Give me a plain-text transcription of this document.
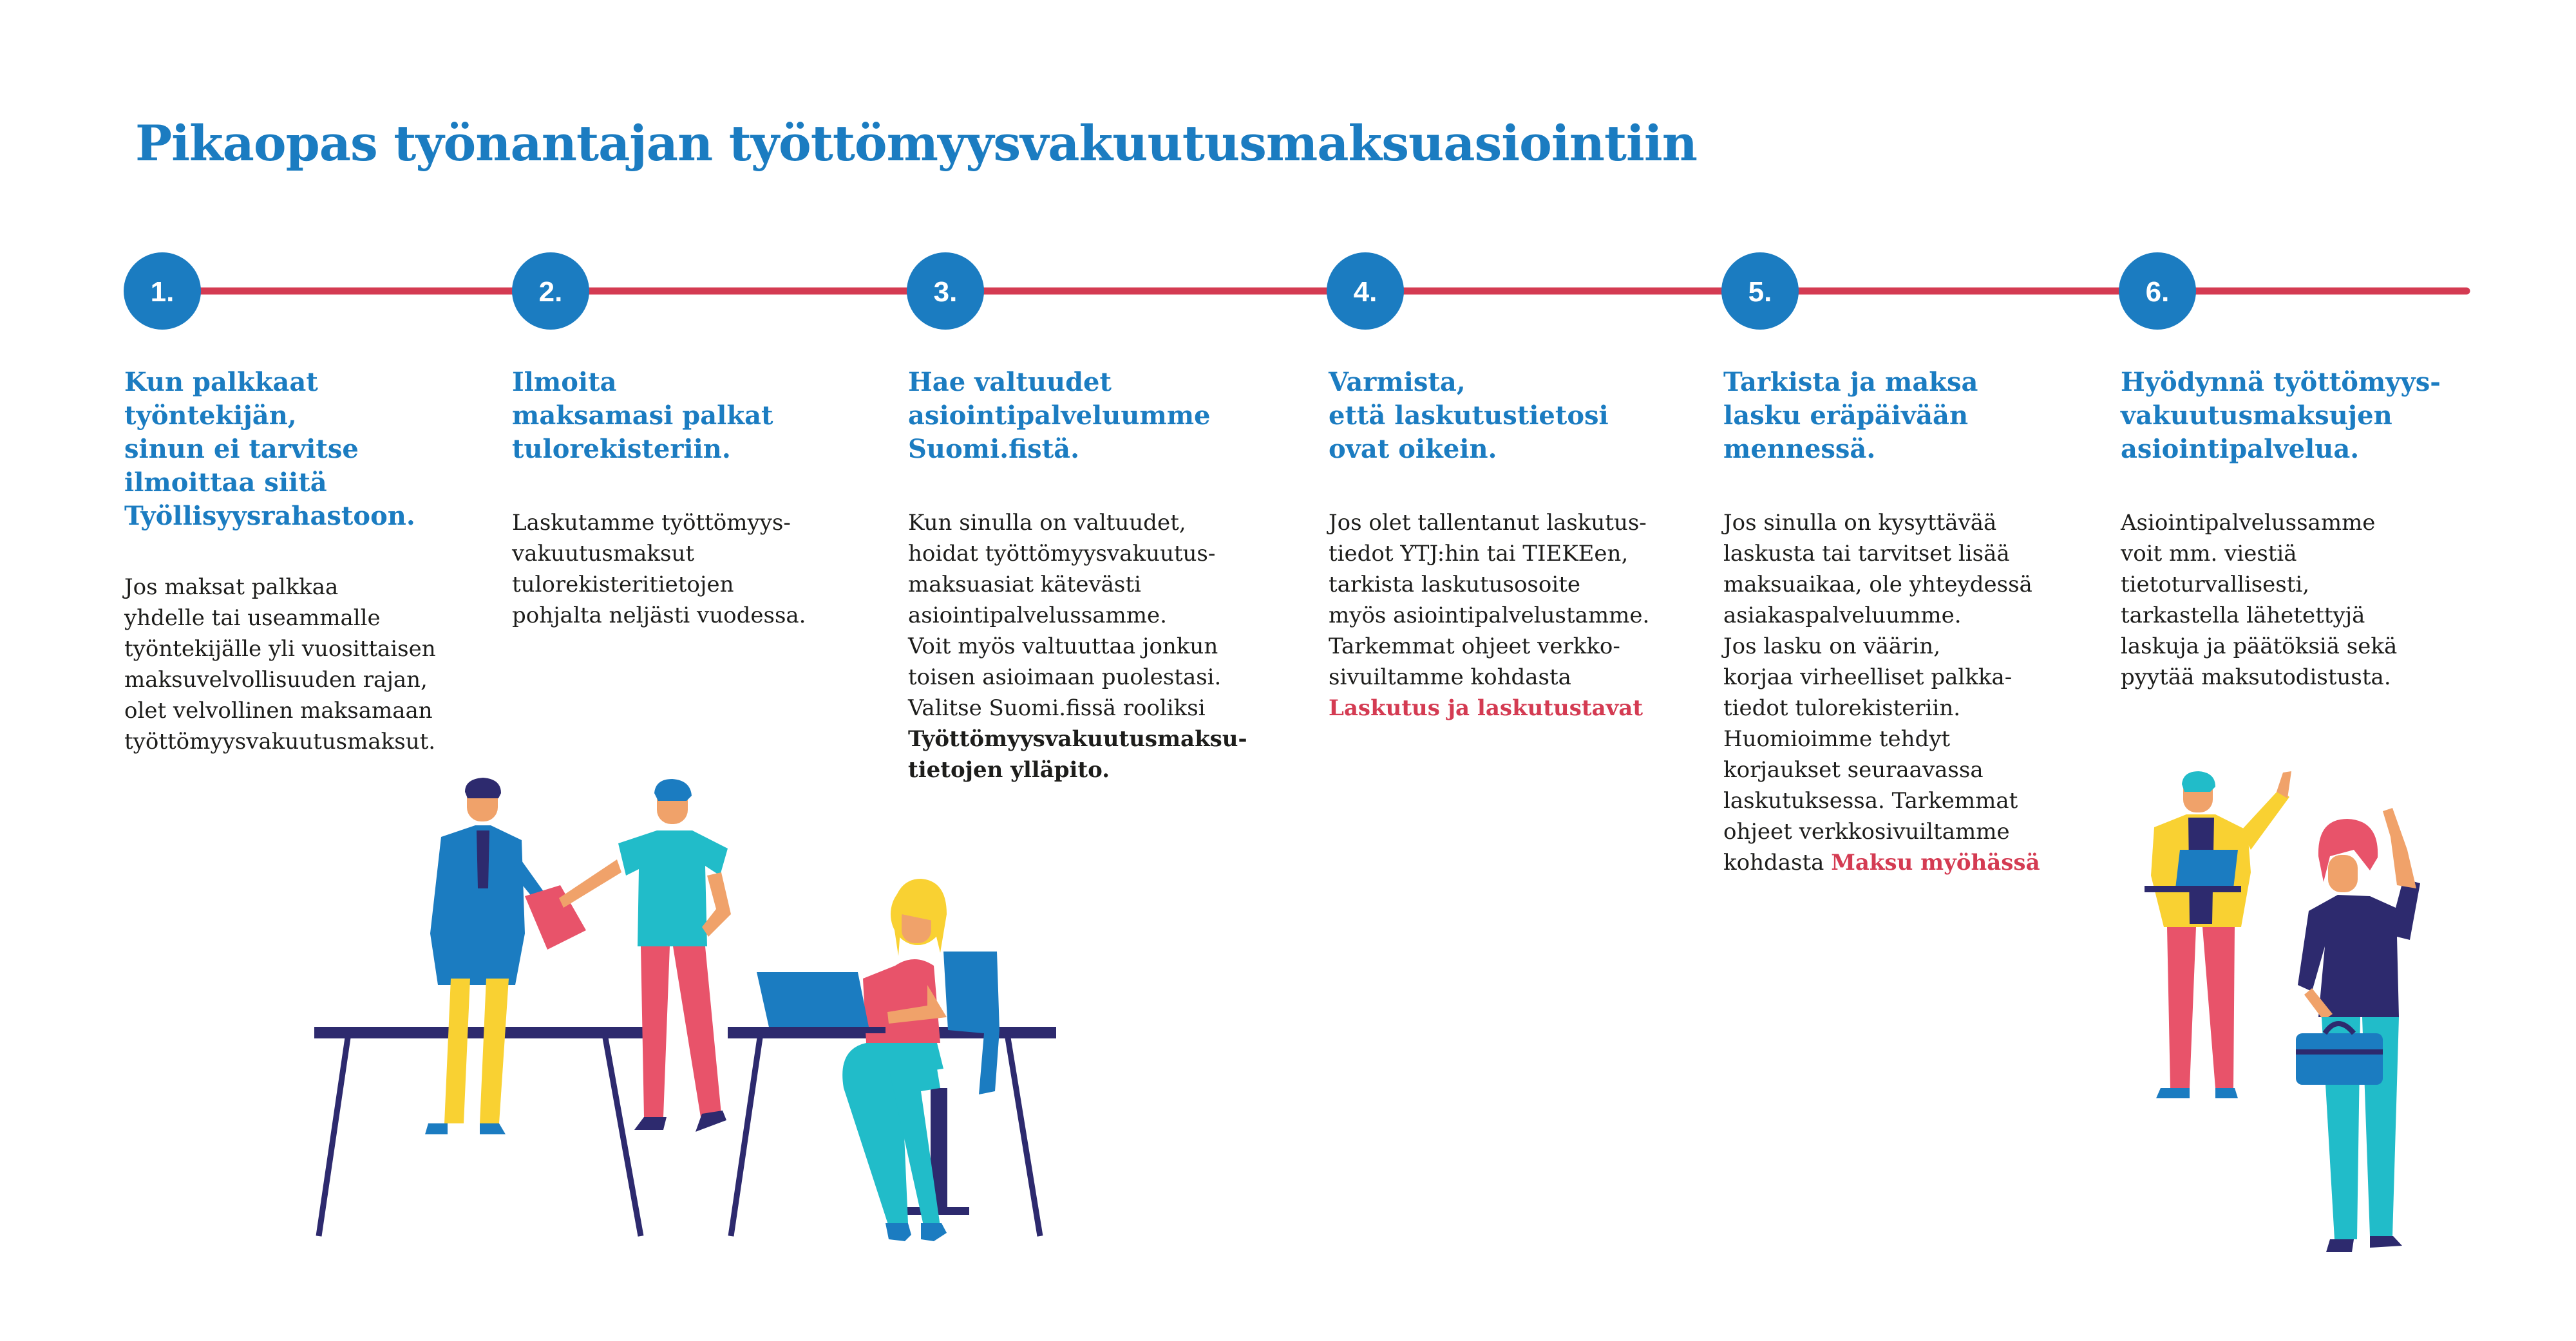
Pikaopas työnantajan työttömyysvakuutusmaksuasiointiin
1.	2.	3.	4.	5.	6.
Kun palkkaat
työntekijän,
sinun ei tarvitse
ilmoittaa siitä
Työllisyysrahastoon.
Jos maksat palkkaa
yhdelle tai useammalle
työntekijälle yli vuosittaisen
maksuvelvollisuuden rajan,
olet velvollinen maksamaan
työttömyysvakuutusmaksut.
Ilmoita
maksamasi palkat
tulorekisteriin.
Laskutamme työttömyys-
vakuutusmaksut
tulorekisteritietojen
pohjalta neljästi vuodessa.
Hae valtuudet
asiointipalveluumme
Suomi.fistä.
Kun sinulla on valtuudet,
hoidat työttömyysvakuutus-
maksuasiat kätevästi
asiointipalvelussamme.
Voit myös valtuuttaa jonkun
toisen asioimaan puolestasi.
Valitse Suomi.fissä rooliksi
Työttömyysvakuutusmaksu-
tietojen ylläpito.
Varmista,
että laskutustietosi
ovat oikein.
Jos olet tallentanut laskutus-
tiedot YTJ:hin tai TIEKEen,
tarkista laskutusosoite
myös asiointipalvelustamme.
Tarkemmat ohjeet verkko-
sivuiltamme kohdasta
Laskutus ja laskutustavat
Tarkista ja maksa
lasku eräpäivään
mennessä.
Jos sinulla on kysyttävää
laskusta tai tarvitset lisää
maksuaikaa, ole yhteydessä
asiakaspalveluumme.
Jos lasku on väärin,
korjaa virheelliset palkka-
tiedot tulorekisteriin.
Huomioimme tehdyt
korjaukset seuraavassa
laskutuksessa. Tarkemmat
ohjeet verkkosivuiltamme
kohdasta Maksu myöhässä
Hyödynnä työttömyys-
vakuutusmaksujen
asiointipalvelua.
Asiointipalvelussamme
voit mm. viestiä
tietoturvallisesti,
tarkastella lähetettyjä
laskuja ja päätöksiä sekä
pyytää maksutodistusta.
